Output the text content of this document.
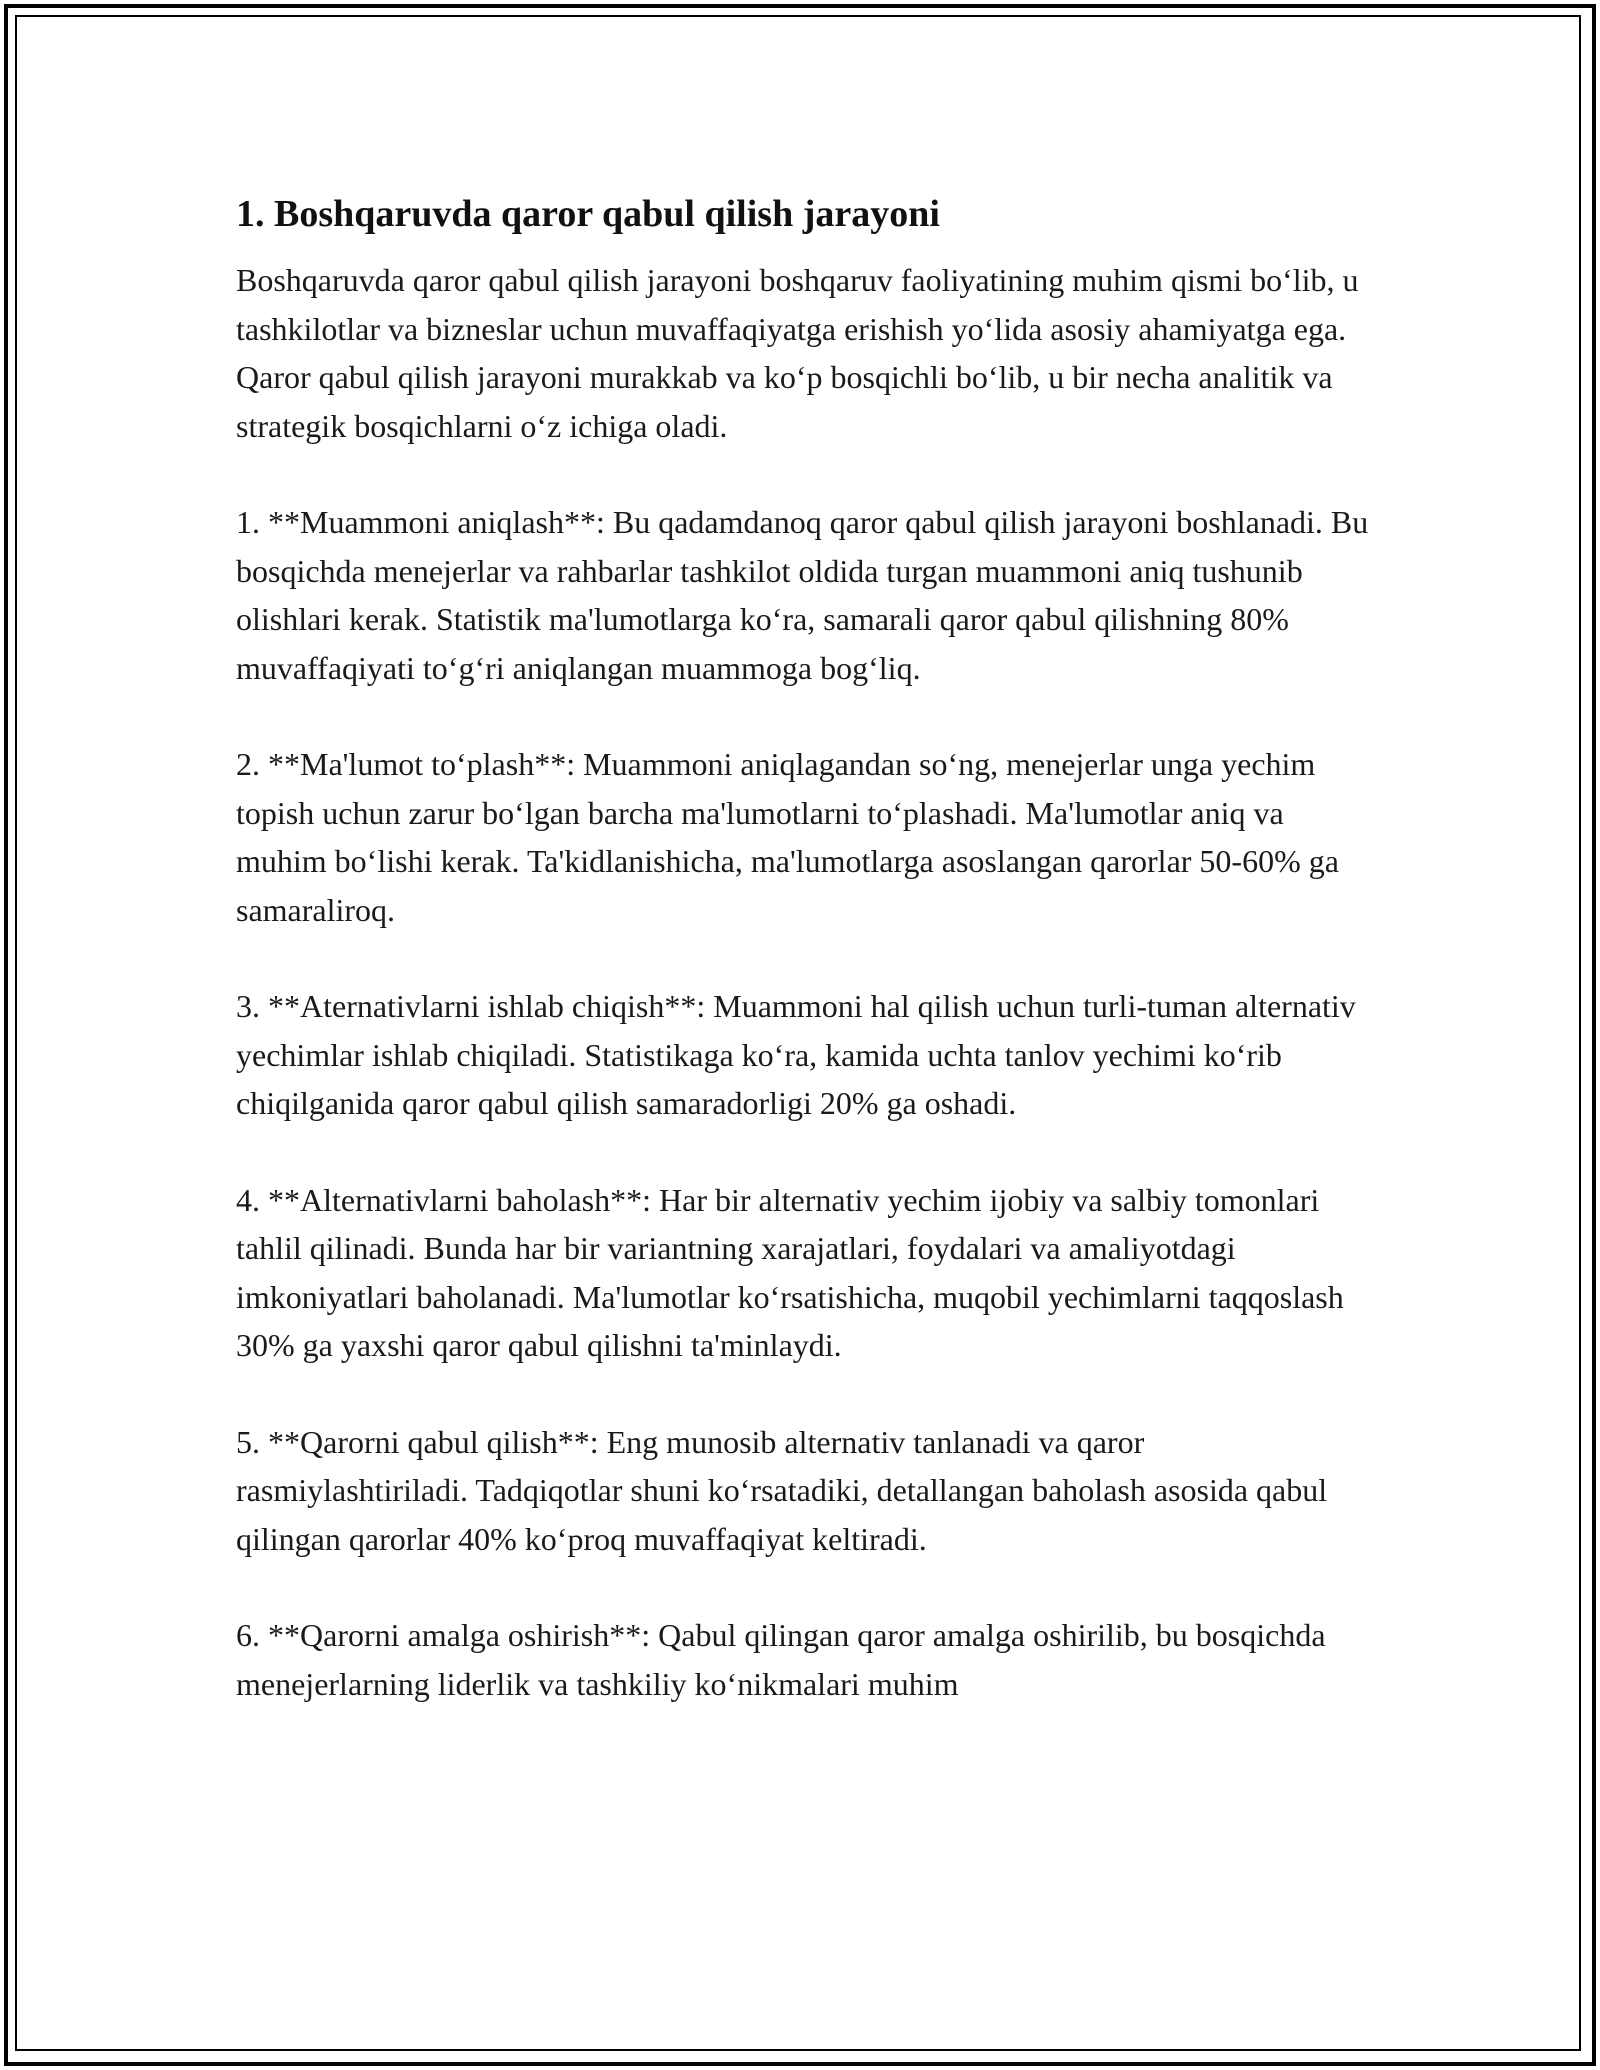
1. Boshqaruvda qaror qabul qilish jarayoni

Boshqaruvda qaror qabul qilish jarayoni boshqaruv faoliyatining muhim qismi bo‘lib, u tashkilotlar va bizneslar uchun muvaffaqiyatga erishish yo‘lida asosiy ahamiyatga ega. Qaror qabul qilish jarayoni murakkab va ko‘p bosqichli bo‘lib, u bir necha analitik va strategik bosqichlarni o‘z ichiga oladi.

1. **Muammoni aniqlash**: Bu qadamdanoq qaror qabul qilish jarayoni boshlanadi. Bu bosqichda menejerlar va rahbarlar tashkilot oldida turgan muammoni aniq tushunib olishlari kerak. Statistik ma'lumotlarga ko‘ra, samarali qaror qabul qilishning 80% muvaffaqiyati to‘g‘ri aniqlangan muammoga bog‘liq.

2. **Ma'lumot to‘plash**: Muammoni aniqlagandan so‘ng, menejerlar unga yechim topish uchun zarur bo‘lgan barcha ma'lumotlarni to‘plashadi. Ma'lumotlar aniq va muhim bo‘lishi kerak. Ta'kidlanishicha, ma'lumotlarga asoslangan qarorlar 50-60% ga samaraliroq.

3. **Aternativlarni ishlab chiqish**: Muammoni hal qilish uchun turli-tuman alternativ yechimlar ishlab chiqiladi. Statistikaga ko‘ra, kamida uchta tanlov yechimi ko‘rib chiqilganida qaror qabul qilish samaradorligi 20% ga oshadi.

4. **Alternativlarni baholash**: Har bir alternativ yechim ijobiy va salbiy tomonlari tahlil qilinadi. Bunda har bir variantning xarajatlari, foydalari va amaliyotdagi imkoniyatlari baholanadi. Ma'lumotlar ko‘rsatishicha, muqobil yechimlarni taqqoslash 30% ga yaxshi qaror qabul qilishni ta'minlaydi.

5. **Qarorni qabul qilish**: Eng munosib alternativ tanlanadi va qaror rasmiylashtiriladi. Tadqiqotlar shuni ko‘rsatadiki, detallangan baholash asosida qabul qilingan qarorlar 40% ko‘proq muvaffaqiyat keltiradi.

6. **Qarorni amalga oshirish**: Qabul qilingan qaror amalga oshirilib, bu bosqichda menejerlarning liderlik va tashkiliy ko‘nikmalari muhim
